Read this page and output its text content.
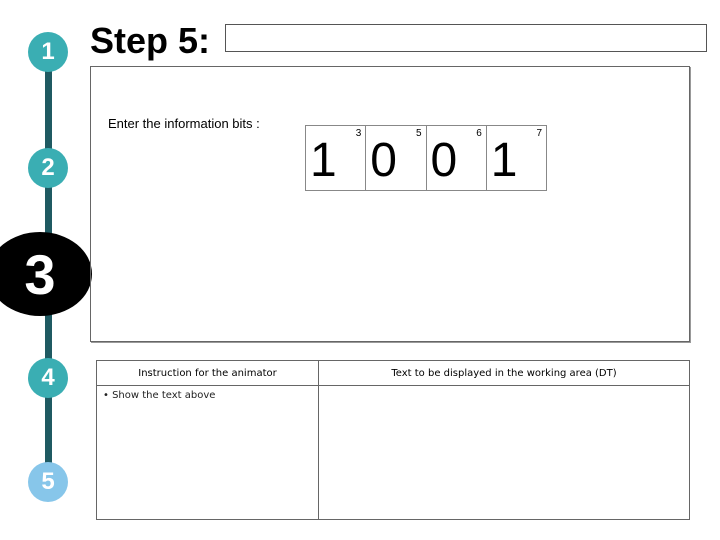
1
2
3
4
5
Step 5:
Enter the information bits :
3
1
5
0
6
0
7
1
Instruction for the animator	Text to be displayed in the working area (DT)
• Show the text above
